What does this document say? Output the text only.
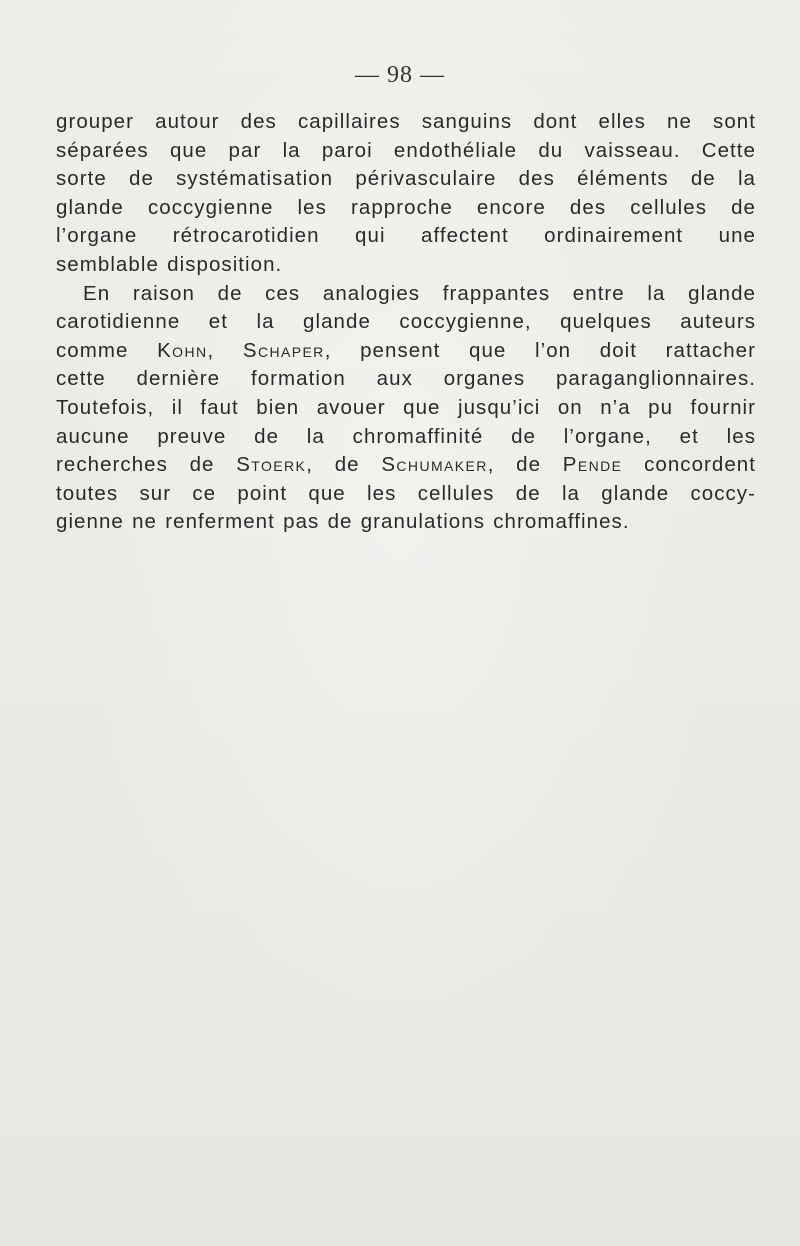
— 98 —
grouper autour des capillaires sanguins dont elles ne sont
séparées que par la paroi endothéliale du vaisseau. Cette
sorte de systématisation périvasculaire des éléments de la
glande coccygienne les rapproche encore des cellules de
l’organe rétrocarotidien qui affectent ordinairement une
semblable disposition.
En raison de ces analogies frappantes entre la glande
carotidienne et la glande coccygienne, quelques auteurs
comme Kohn, Schaper, pensent que l’on doit rattacher
cette dernière formation aux organes paraganglionnaires.
Toutefois, il faut bien avouer que jusqu’ici on n’a pu fournir
aucune preuve de la chromaffinité de l’organe, et les
recherches de Stoerk, de Schumaker, de Pende concordent
toutes sur ce point que les cellules de la glande coccy-
gienne ne renferment pas de granulations chromaffines.
